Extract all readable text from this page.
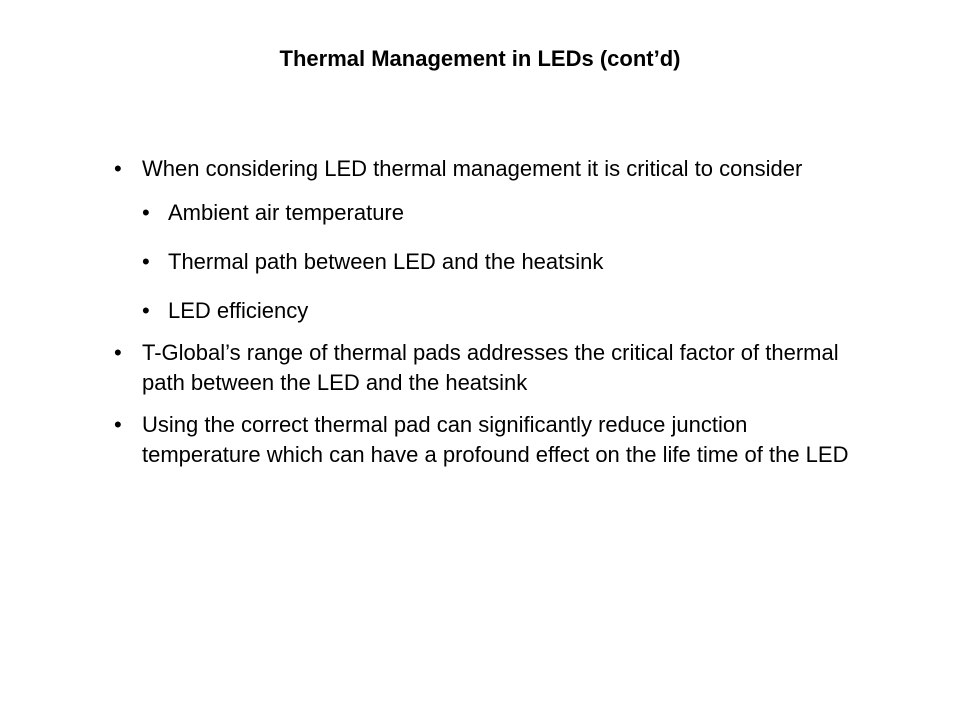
Thermal Management in LEDs (cont’d)
• When considering LED thermal management it is critical to consider
• Ambient air temperature
• Thermal path between LED and the heatsink
• LED efficiency
• T-Global’s range of thermal pads addresses the critical factor of thermal path between the LED and the heatsink
• Using the correct thermal pad can significantly reduce junction temperature which can have a profound effect on the life time of the LED
